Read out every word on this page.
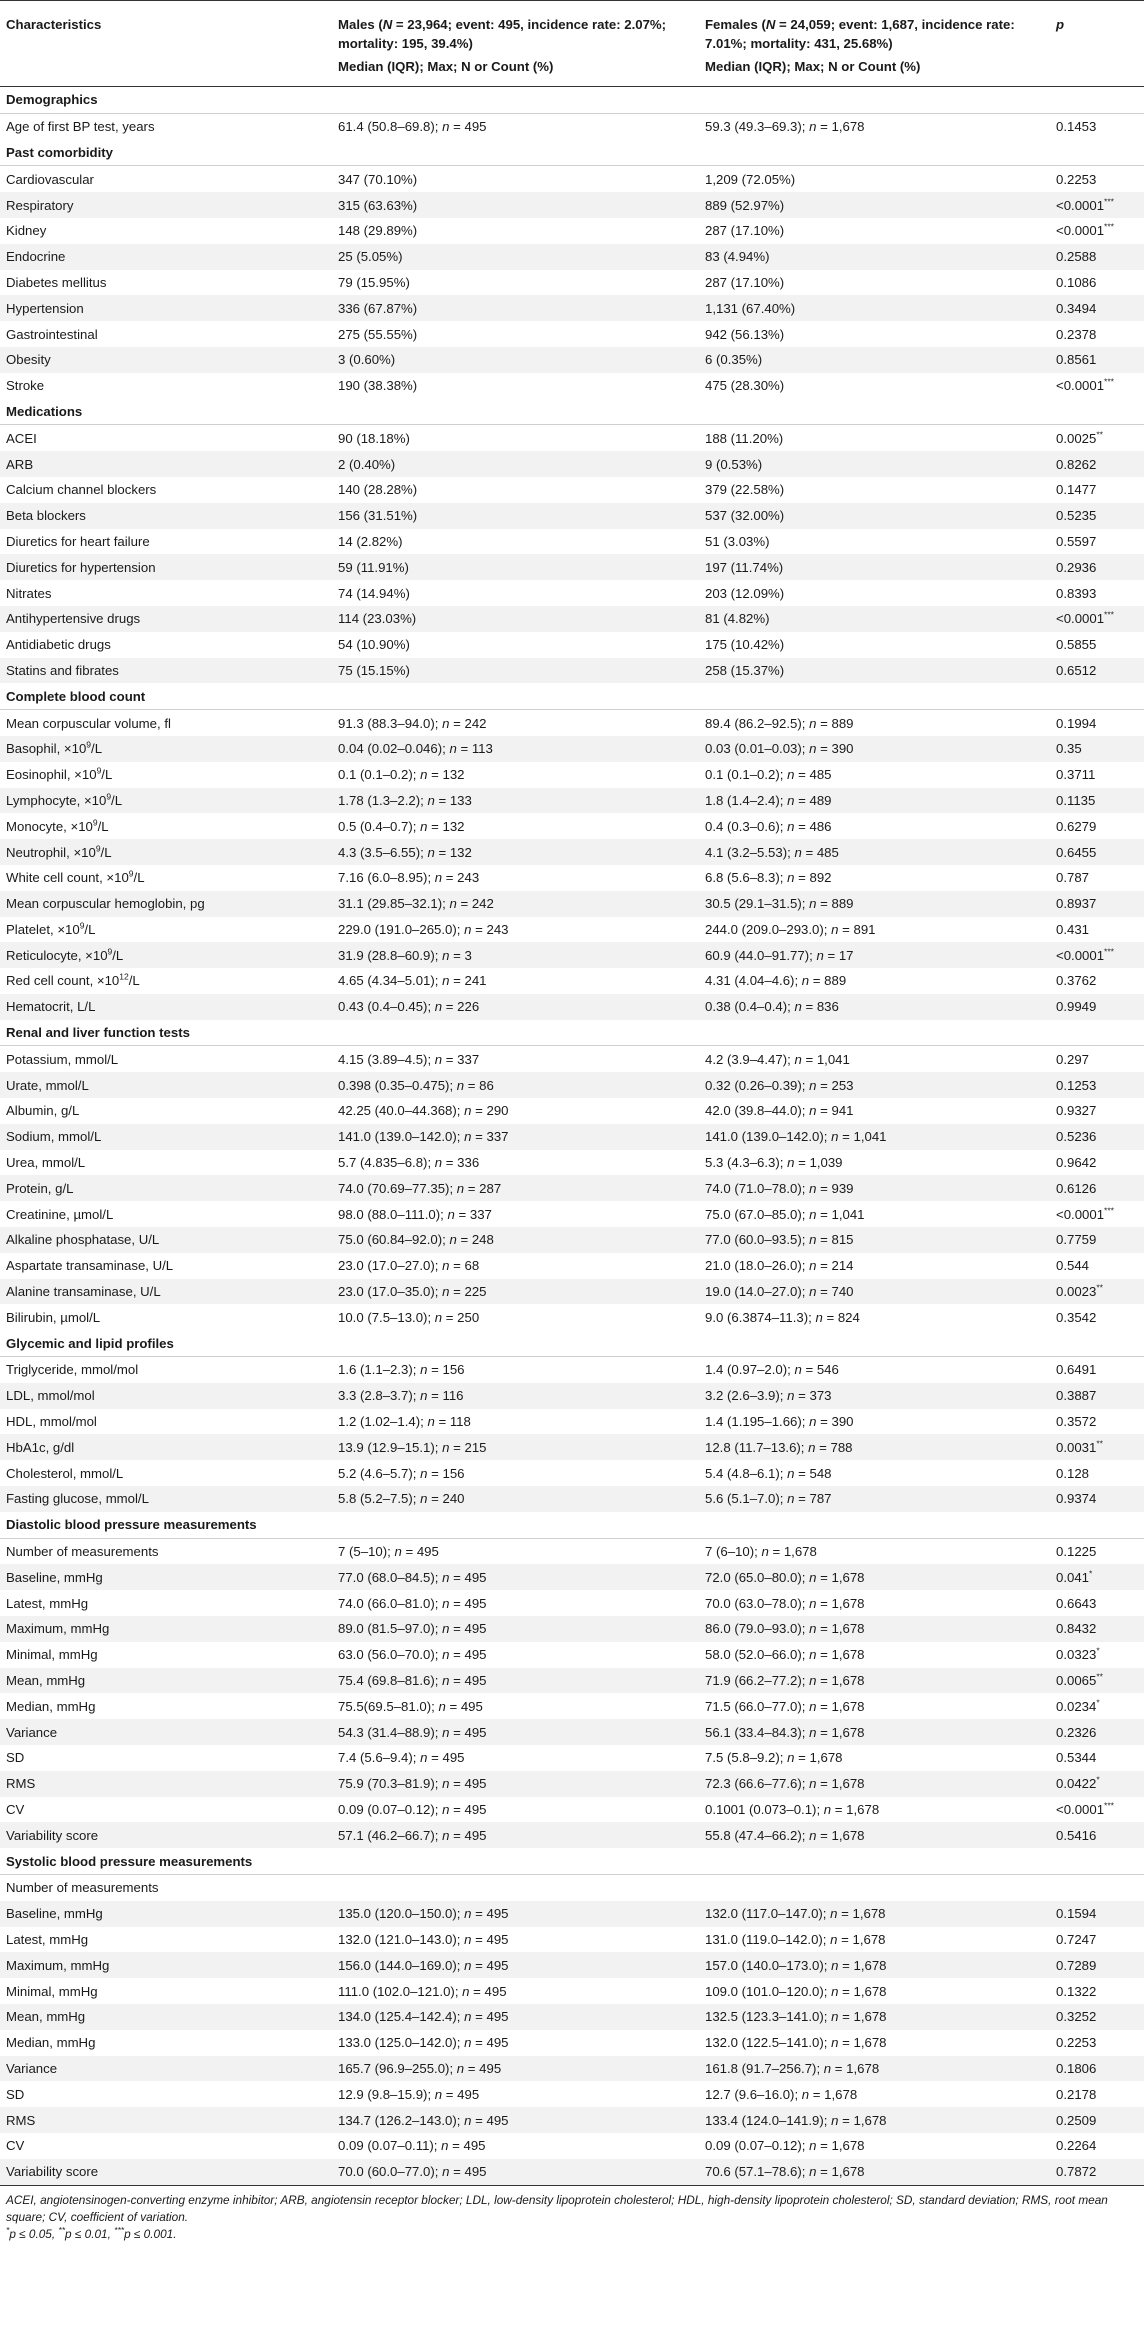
Characteristics	Males (N = 23,964; event: 495, incidence rate: 2.07%; mortality: 195, 39.4%)	Females (N = 24,059; event: 1,687, incidence rate: 7.01%; mortality: 431, 25.68%)	p
	Median (IQR); Max; N or Count (%)	Median (IQR); Max; N or Count (%)	
Demographics			
Age of first BP test, years	61.4 (50.8–69.8); n = 495	59.3 (49.3–69.3); n = 1,678	0.1453
Past comorbidity			
Cardiovascular	347 (70.10%)	1,209 (72.05%)	0.2253
Respiratory	315 (63.63%)	889 (52.97%)	<0.0001***
Kidney	148 (29.89%)	287 (17.10%)	<0.0001***
Endocrine	25 (5.05%)	83 (4.94%)	0.2588
Diabetes mellitus	79 (15.95%)	287 (17.10%)	0.1086
Hypertension	336 (67.87%)	1,131 (67.40%)	0.3494
Gastrointestinal	275 (55.55%)	942 (56.13%)	0.2378
Obesity	3 (0.60%)	6 (0.35%)	0.8561
Stroke	190 (38.38%)	475 (28.30%)	<0.0001***
Medications			
ACEI	90 (18.18%)	188 (11.20%)	0.0025**
ARB	2 (0.40%)	9 (0.53%)	0.8262
Calcium channel blockers	140 (28.28%)	379 (22.58%)	0.1477
Beta blockers	156 (31.51%)	537 (32.00%)	0.5235
Diuretics for heart failure	14 (2.82%)	51 (3.03%)	0.5597
Diuretics for hypertension	59 (11.91%)	197 (11.74%)	0.2936
Nitrates	74 (14.94%)	203 (12.09%)	0.8393
Antihypertensive drugs	114 (23.03%)	81 (4.82%)	<0.0001***
Antidiabetic drugs	54 (10.90%)	175 (10.42%)	0.5855
Statins and fibrates	75 (15.15%)	258 (15.37%)	0.6512
Complete blood count			
Mean corpuscular volume, fl	91.3 (88.3–94.0); n = 242	89.4 (86.2–92.5); n = 889	0.1994
Basophil, $\times 10^9/L$	0.04 (0.02–0.046); n = 113	0.03 (0.01–0.03); n = 390	0.35
Eosinophil, $\times 10^9/L$	0.1 (0.1–0.2); n = 132	0.1 (0.1–0.2); n = 485	0.3711
Lymphocyte, $\times 10^9/L$	1.78 (1.3–2.2); n = 133	1.8 (1.4–2.4); n = 489	0.1135
Monocyte, $\times 10^9/L$	0.5 (0.4–0.7); n = 132	0.4 (0.3–0.6); n = 486	0.6279
Neutrophil, $\times 10^9/L$	4.3 (3.5–6.55); n = 132	4.1 (3.2–5.53); n = 485	0.6455
White cell count, $\times 10^9/L$	7.16 (6.0–8.95); n = 243	6.8 (5.6–8.3); n = 892	0.787
Mean corpuscular hemoglobin, pg	31.1 (29.85–32.1); n = 242	30.5 (29.1–31.5); n = 889	0.8937
Platelet, $\times 10^9/L$	229.0 (191.0–265.0); n = 243	244.0 (209.0–293.0); n = 891	0.431
Reticulocyte, $\times 10^9/L$	31.9 (28.8–60.9); n = 3	60.9 (44.0–91.77); n = 17	<0.0001***
Red cell count, $\times 10^{12}/L$	4.65 (4.34–5.01); n = 241	4.31 (4.04–4.6); n = 889	0.3762
Hematocrit, L/L	0.43 (0.4–0.45); n = 226	0.38 (0.4–0.4); n = 836	0.9949
Renal and liver function tests			
Potassium, mmol/L	4.15 (3.89–4.5); n = 337	4.2 (3.9–4.47); n = 1,041	0.297
Urate, mmol/L	0.398 (0.35–0.475); n = 86	0.32 (0.26–0.39); n = 253	0.1253
Albumin, g/L	42.25 (40.0–44.368); n = 290	42.0 (39.8–44.0); n = 941	0.9327
Sodium, mmol/L	141.0 (139.0–142.0); n = 337	141.0 (139.0–142.0); n = 1,041	0.5236
Urea, mmol/L	5.7 (4.835–6.8); n = 336	5.3 (4.3–6.3); n = 1,039	0.9642
Protein, g/L	74.0 (70.69–77.35); n = 287	74.0 (71.0–78.0); n = 939	0.6126
Creatinine, µmol/L	98.0 (88.0–111.0); n = 337	75.0 (67.0–85.0); n = 1,041	<0.0001***
Alkaline phosphatase, U/L	75.0 (60.84–92.0); n = 248	77.0 (60.0–93.5); n = 815	0.7759
Aspartate transaminase, U/L	23.0 (17.0–27.0); n = 68	21.0 (18.0–26.0); n = 214	0.544
Alanine transaminase, U/L	23.0 (17.0–35.0); n = 225	19.0 (14.0–27.0); n = 740	0.0023**
Bilirubin, µmol/L	10.0 (7.5–13.0); n = 250	9.0 (6.3874–11.3); n = 824	0.3542
Glycemic and lipid profiles			
Triglyceride, mmol/mol	1.6 (1.1–2.3); n = 156	1.4 (0.97–2.0); n = 546	0.6491
LDL, mmol/mol	3.3 (2.8–3.7); n = 116	3.2 (2.6–3.9); n = 373	0.3887
HDL, mmol/mol	1.2 (1.02–1.4); n = 118	1.4 (1.195–1.66); n = 390	0.3572
HbA1c, g/dl	13.9 (12.9–15.1); n = 215	12.8 (11.7–13.6); n = 788	0.0031**
Cholesterol, mmol/L	5.2 (4.6–5.7); n = 156	5.4 (4.8–6.1); n = 548	0.128
Fasting glucose, mmol/L	5.8 (5.2–7.5); n = 240	5.6 (5.1–7.0); n = 787	0.9374
Diastolic blood pressure measurements			
Number of measurements	7 (5–10); n = 495	7 (6–10); n = 1,678	0.1225
Baseline, mmHg	77.0 (68.0–84.5); n = 495	72.0 (65.0–80.0); n = 1,678	0.041*
Latest, mmHg	74.0 (66.0–81.0); n = 495	70.0 (63.0–78.0); n = 1,678	0.6643
Maximum, mmHg	89.0 (81.5–97.0); n = 495	86.0 (79.0–93.0); n = 1,678	0.8432
Minimal, mmHg	63.0 (56.0–70.0); n = 495	58.0 (52.0–66.0); n = 1,678	0.0323*
Mean, mmHg	75.4 (69.8–81.6); n = 495	71.9 (66.2–77.2); n = 1,678	0.0065**
Median, mmHg	75.5(69.5–81.0); n = 495	71.5 (66.0–77.0); n = 1,678	0.0234*
Variance	54.3 (31.4–88.9); n = 495	56.1 (33.4–84.3); n = 1,678	0.2326
SD	7.4 (5.6–9.4); n = 495	7.5 (5.8–9.2); n = 1,678	0.5344
RMS	75.9 (70.3–81.9); n = 495	72.3 (66.6–77.6); n = 1,678	0.0422*
CV	0.09 (0.07–0.12); n = 495	0.1001 (0.073–0.1); n = 1,678	<0.0001***
Variability score	57.1 (46.2–66.7); n = 495	55.8 (47.4–66.2); n = 1,678	0.5416
Systolic blood pressure measurements			
Number of measurements			
Baseline, mmHg	135.0 (120.0–150.0); n = 495	132.0 (117.0–147.0); n = 1,678	0.1594
Latest, mmHg	132.0 (121.0–143.0); n = 495	131.0 (119.0–142.0); n = 1,678	0.7247
Maximum, mmHg	156.0 (144.0–169.0); n = 495	157.0 (140.0–173.0); n = 1,678	0.7289
Minimal, mmHg	111.0 (102.0–121.0); n = 495	109.0 (101.0–120.0); n = 1,678	0.1322
Mean, mmHg	134.0 (125.4–142.4); n = 495	132.5 (123.3–141.0); n = 1,678	0.3252
Median, mmHg	133.0 (125.0–142.0); n = 495	132.0 (122.5–141.0); n = 1,678	0.2253
Variance	165.7 (96.9–255.0); n = 495	161.8 (91.7–256.7); n = 1,678	0.1806
SD	12.9 (9.8–15.9); n = 495	12.7 (9.6–16.0); n = 1,678	0.2178
RMS	134.7 (126.2–143.0); n = 495	133.4 (124.0–141.9); n = 1,678	0.2509
CV	0.09 (0.07–0.11); n = 495	0.09 (0.07–0.12); n = 1,678	0.2264
Variability score	70.0 (60.0–77.0); n = 495	70.6 (57.1–78.6); n = 1,678	0.7872
ACEI, angiotensinogen-converting enzyme inhibitor; ARB, angiotensin receptor blocker; LDL, low-density lipoprotein cholesterol; HDL, high-density lipoprotein cholesterol; SD, standard deviation; RMS, root mean square; CV, coefficient of variation.
*p ≤ 0.05, **p ≤ 0.01, ***p ≤ 0.001.
